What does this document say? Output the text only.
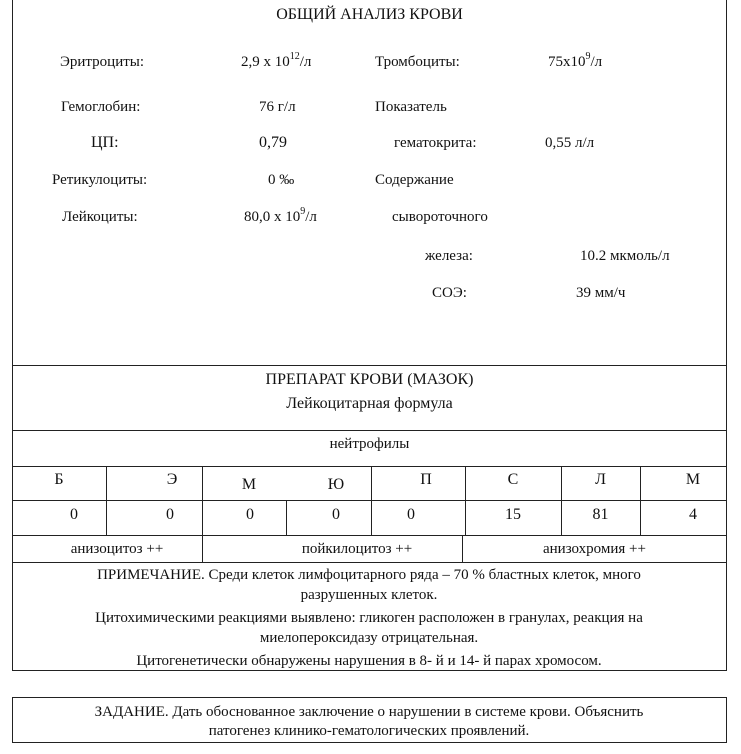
ОБЩИЙ АНАЛИЗ КРОВИ
Эритроциты:	2,9 x $10^{12}/л$	Тромбоциты:	$75x10^9/л$
Гемоглобин:	76 г/л	Показатель
ЦП:	0,79	гематокрита:	0,55 л/л
Ретикулоциты:	0 ‰	Содержание
Лейкоциты:	80,0 x $10^9/л$	сывороточного
железа:	10.2 мкмоль/л
СОЭ:	39 мм/ч
ПРЕПАРАТ КРОВИ (МАЗОК)
Лейкоцитарная формула
нейтрофилы
Б	Э	М	Ю	П	С	Л	М
0	0	0	0	0	15	81	4
анизоцитоз ++	пойкилоцитоз ++	анизохромия ++
ПРИМЕЧАНИЕ. Среди клеток лимфоцитарного ряда – 70 % бластных клеток, много
разрушенных клеток.
Цитохимическими реакциями выявлено: гликоген расположен в гранулах, реакция на
миелопероксидазу отрицательная.
Цитогенетически обнаружены нарушения в 8- й и 14- й парах хромосом.
ЗАДАНИЕ. Дать обоснованное заключение о нарушении в системе крови. Объяснить
патогенез клинико-гематологических проявлений.
